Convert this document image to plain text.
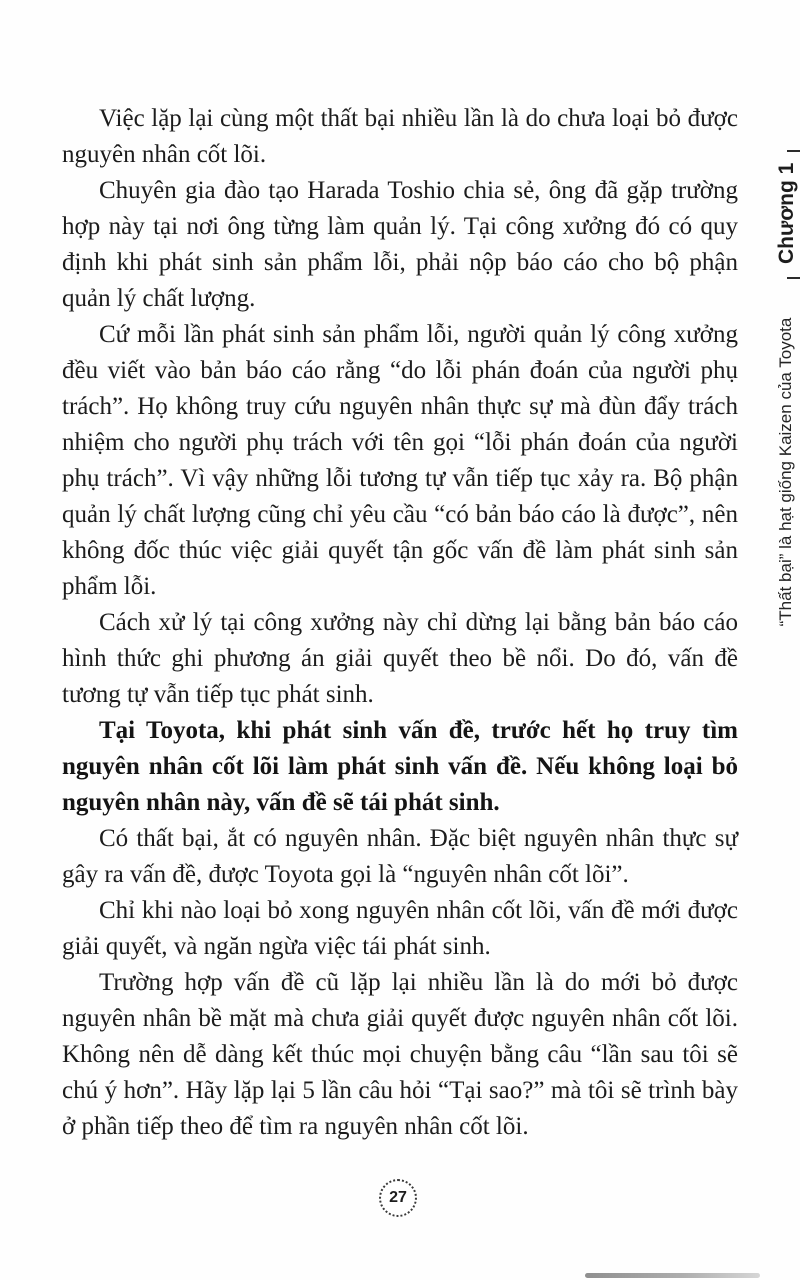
Việc lặp lại cùng một thất bại nhiều lần là do chưa loại bỏ được nguyên nhân cốt lõi.

Chuyên gia đào tạo Harada Toshio chia sẻ, ông đã gặp trường hợp này tại nơi ông từng làm quản lý. Tại công xưởng đó có quy định khi phát sinh sản phẩm lỗi, phải nộp báo cáo cho bộ phận quản lý chất lượng.

Cứ mỗi lần phát sinh sản phẩm lỗi, người quản lý công xưởng đều viết vào bản báo cáo rằng “do lỗi phán đoán của người phụ trách”. Họ không truy cứu nguyên nhân thực sự mà đùn đẩy trách nhiệm cho người phụ trách với tên gọi “lỗi phán đoán của người phụ trách”. Vì vậy những lỗi tương tự vẫn tiếp tục xảy ra. Bộ phận quản lý chất lượng cũng chỉ yêu cầu “có bản báo cáo là được”, nên không đốc thúc việc giải quyết tận gốc vấn đề làm phát sinh sản phẩm lỗi.

Cách xử lý tại công xưởng này chỉ dừng lại bằng bản báo cáo hình thức ghi phương án giải quyết theo bề nổi. Do đó, vấn đề tương tự vẫn tiếp tục phát sinh.

Tại Toyota, khi phát sinh vấn đề, trước hết họ truy tìm nguyên nhân cốt lõi làm phát sinh vấn đề. Nếu không loại bỏ nguyên nhân này, vấn đề sẽ tái phát sinh.

Có thất bại, ắt có nguyên nhân. Đặc biệt nguyên nhân thực sự gây ra vấn đề, được Toyota gọi là “nguyên nhân cốt lõi”.

Chỉ khi nào loại bỏ xong nguyên nhân cốt lõi, vấn đề mới được giải quyết, và ngăn ngừa việc tái phát sinh.

Trường hợp vấn đề cũ lặp lại nhiều lần là do mới bỏ được nguyên nhân bề mặt mà chưa giải quyết được nguyên nhân cốt lõi. Không nên dễ dàng kết thúc mọi chuyện bằng câu “lần sau tôi sẽ chú ý hơn”. Hãy lặp lại 5 lần câu hỏi “Tại sao?” mà tôi sẽ trình bày ở phần tiếp theo để tìm ra nguyên nhân cốt lõi.

Chương 1
“Thất bại” là hạt giống Kaizen của Toyota
27
